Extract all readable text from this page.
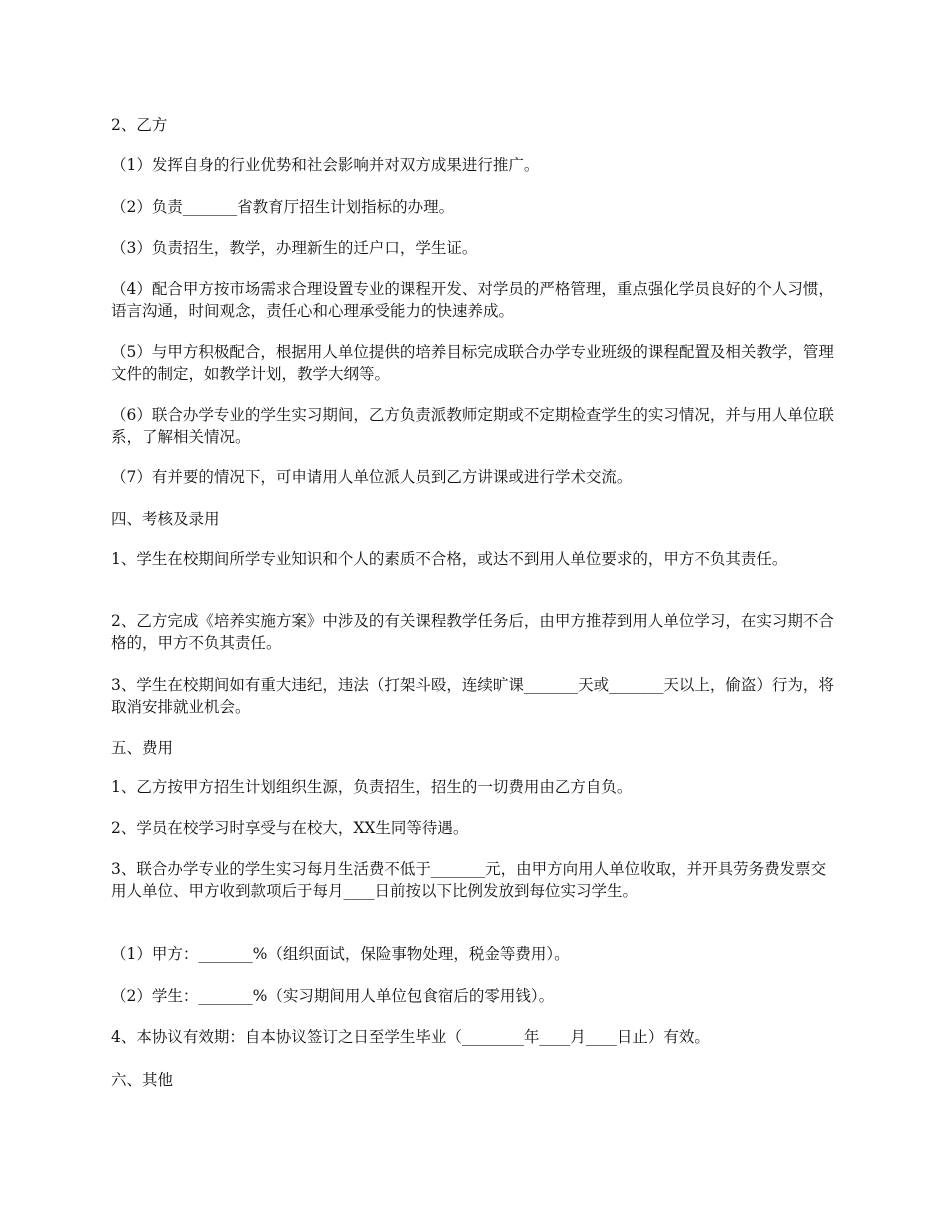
2、乙方

（1）发挥自身的行业优势和社会影响并对双方成果进行推广。

（2）负责_______省教育厅招生计划指标的办理。

（3）负责招生，教学，办理新生的迁户口，学生证。

（4）配合甲方按市场需求合理设置专业的课程开发、对学员的严格管理，重点强化学员良好的个人习惯，语言沟通，时间观念，责任心和心理承受能力的快速养成。

（5）与甲方积极配合，根据用人单位提供的培养目标完成联合办学专业班级的课程配置及相关教学，管理文件的制定，如教学计划，教学大纲等。

（6）联合办学专业的学生实习期间，乙方负责派教师定期或不定期检查学生的实习情况，并与用人单位联系，了解相关情况。

（7）有并要的情况下，可申请用人单位派人员到乙方讲课或进行学术交流。

四、考核及录用

1、学生在校期间所学专业知识和个人的素质不合格，或达不到用人单位要求的，甲方不负其责任。

2、乙方完成《培养实施方案》中涉及的有关课程教学任务后，由甲方推荐到用人单位学习，在实习期不合格的，甲方不负其责任。

3、学生在校期间如有重大违纪，违法（打架斗殴，连续旷课_______天或_______天以上，偷盗）行为，将取消安排就业机会。

五、费用

1、乙方按甲方招生计划组织生源，负责招生，招生的一切费用由乙方自负。

2、学员在校学习时享受与在校大，XX生同等待遇。

3、联合办学专业的学生实习每月生活费不低于_______元，由甲方向用人单位收取，并开具劳务费发票交用人单位、甲方收到款项后于每月____日前按以下比例发放到每位实习学生。

（1）甲方：_______%（组织面试，保险事物处理，税金等费用）。

（2）学生：_______%（实习期间用人单位包食宿后的零用钱）。

4、本协议有效期：自本协议签订之日至学生毕业（________年____月____日止）有效。

六、其他
